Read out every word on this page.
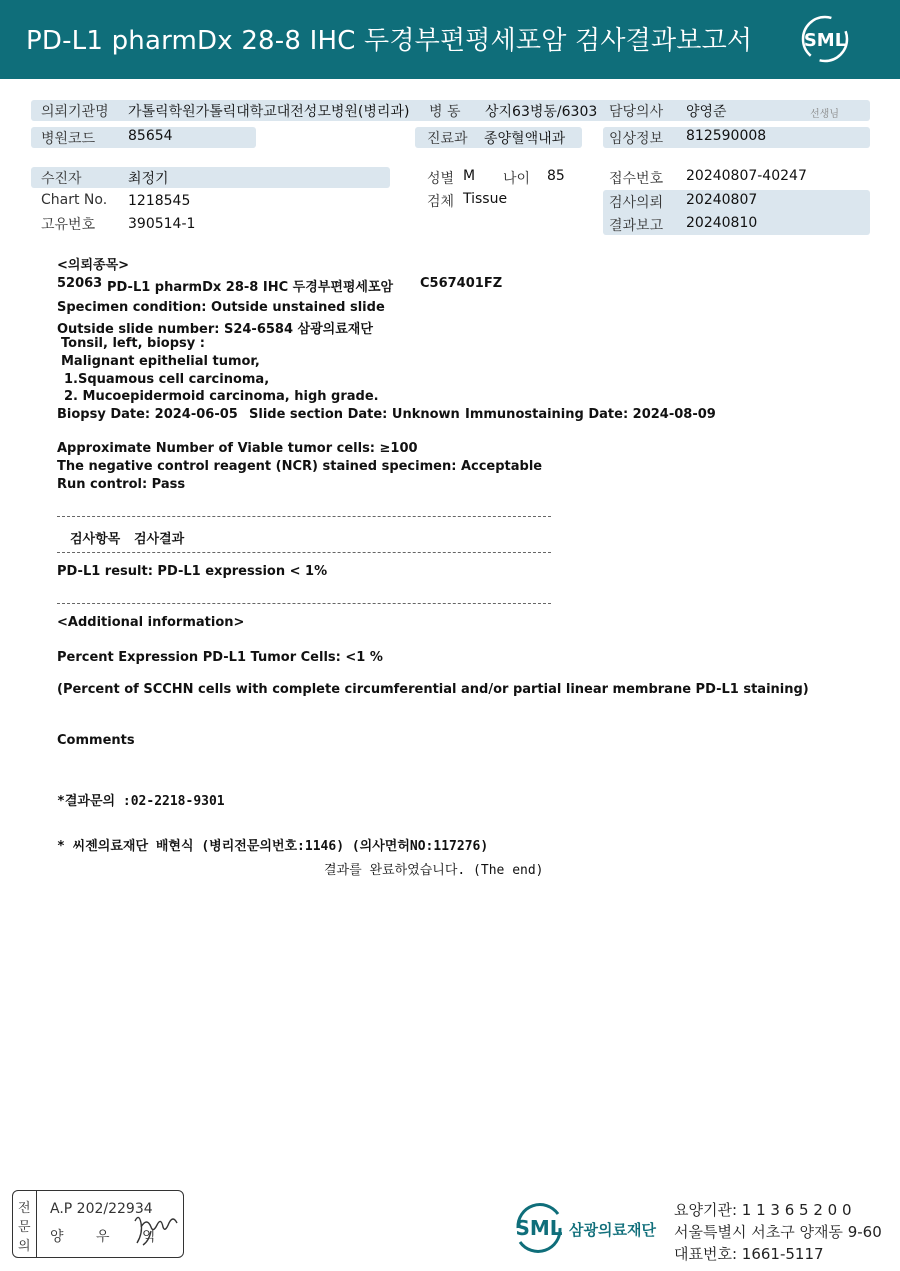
PD-L1 pharmDx 28-8 IHC 두경부편평세포암 검사결과보고서	SML
의뢰기관명 가톨릭학원가톨릭대학교대전성모병원(병리과) 병 동 상지63병동/6303 담당의사 양영준	선생님
병원코드 85654	진료과 종양혈액내과	임상정보 812590008
수진자	최정기	성별 M 나이 85	접수번호 20240807-40247
Chart No. 1218545	검체 Tissue	검사의뢰 20240807
고유번호 390514-1	결과보고 20240810
<의뢰종목>
52063 PD-L1 pharmDx 28-8 IHC 두경부편평세포암 C567401FZ
Specimen condition: Outside unstained slide
Outside slide number: S24-6584 삼광의료재단
Tonsil, left, biopsy :
Malignant epithelial tumor,
1.Squamous cell carcinoma,
2. Mucoepidermoid carcinoma, high grade.
Biopsy Date: 2024-06-05 Slide section Date: Unknown Immunostaining Date: 2024-08-09
Approximate Number of Viable tumor cells: ≥100
The negative control reagent (NCR) stained specimen: Acceptable
Run control: Pass
검사항목 검사결과
PD-L1 result: PD-L1 expression < 1%
<Additional information>
Percent Expression PD-L1 Tumor Cells: <1 %
(Percent of SCCHN cells with complete circumferential and/or partial linear membrane PD-L1 staining)
Comments
*결과문의 :02-2218-9301
* 씨젠의료재단 배현식 (병리전문의번호:1146) (의사면허NO:117276)
결과를 완료하였습니다. (The end)
전
문
의
A.P 202/22934
양 우 익	SML 삼광의료재단
요양기관: 1 1 3 6 5 2 0 0
서울특별시 서초구 양재동 9-60
대표번호: 1661-5117
